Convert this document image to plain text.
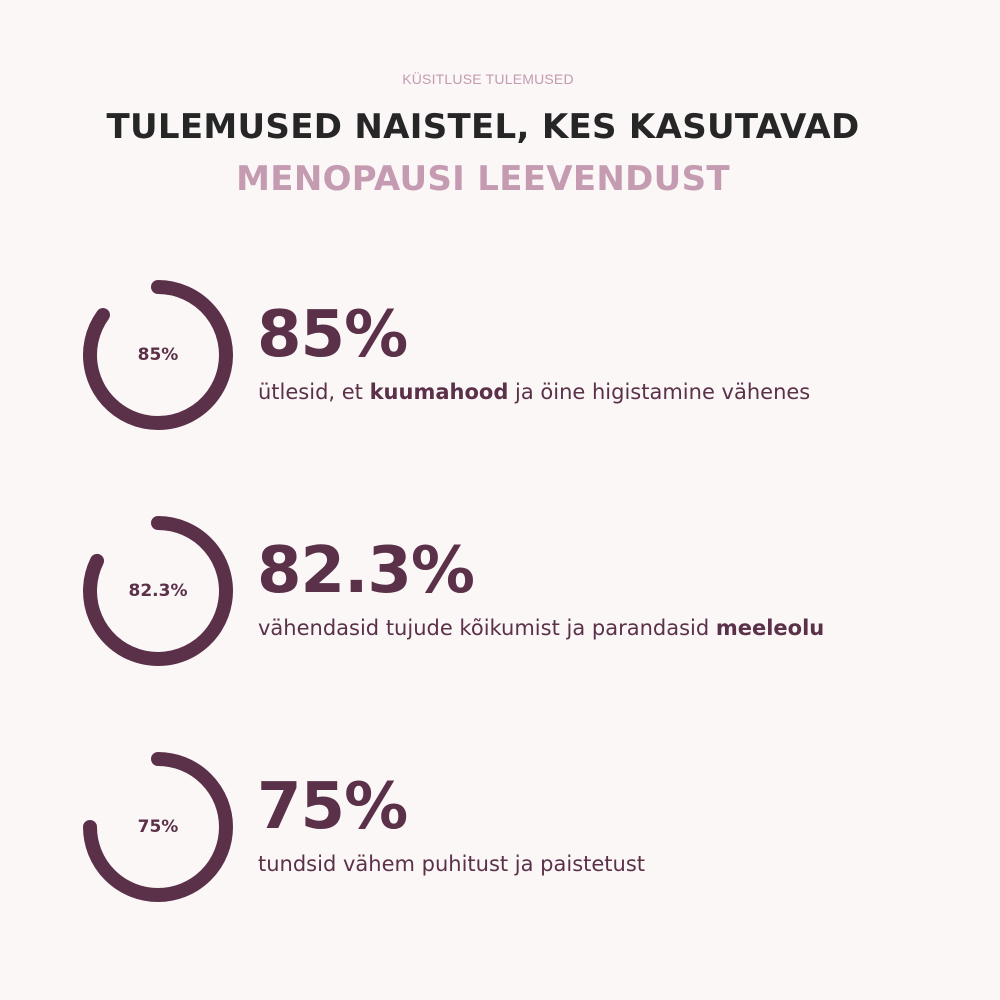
KÜSITLUSE TULEMUSED
TULEMUSED NAISTEL, KES KASUTAVAD
MENOPAUSI LEEVENDUST
85%	85%
ütlesid, et kuumahood ja öine higistamine vähenes
82.3%	82.3%
vähendasid tujude kõikumist ja parandasid meeleolu
75%	75%
tundsid vähem puhitust ja paistetust
